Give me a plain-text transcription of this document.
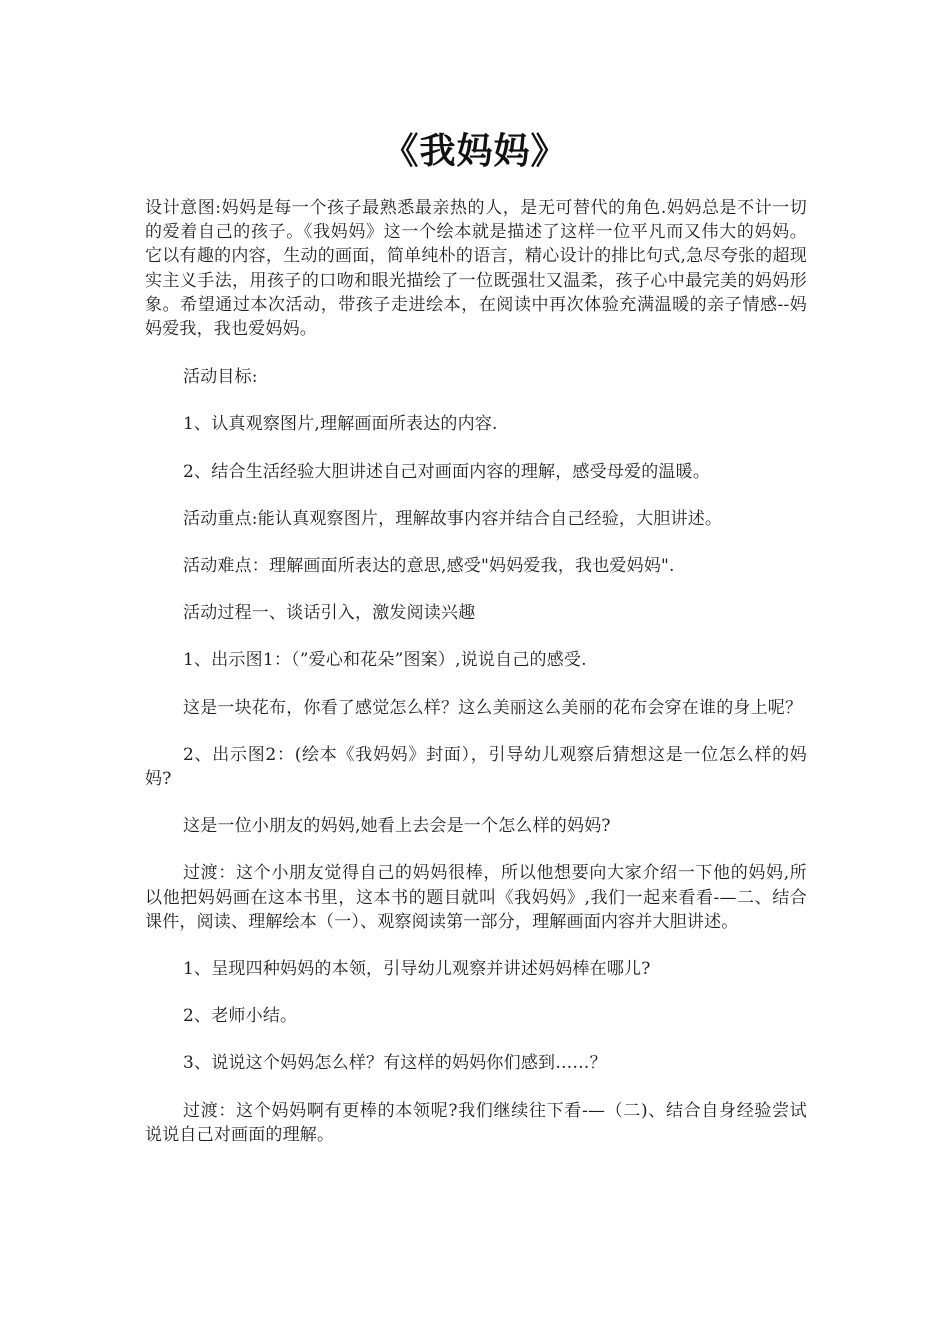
《我妈妈》

设计意图:妈妈是每一个孩子最熟悉最亲热的人，是无可替代的角色.妈妈总是不计一切的爱着自己的孩子。《我妈妈》这一个绘本就是描述了这样一位平凡而又伟大的妈妈。它以有趣的内容，生动的画面，简单纯朴的语言，精心设计的排比句式,急尽夸张的超现实主义手法，用孩子的口吻和眼光描绘了一位既强壮又温柔，孩子心中最完美的妈妈形象。希望通过本次活动，带孩子走进绘本，在阅读中再次体验充满温暖的亲子情感--妈妈爱我，我也爱妈妈。

活动目标:

1、认真观察图片,理解画面所表达的内容.

2、结合生活经验大胆讲述自己对画面内容的理解，感受母爱的温暖。

活动重点:能认真观察图片，理解故事内容并结合自己经验，大胆讲述。

活动难点：理解画面所表达的意思,感受"妈妈爱我，我也爱妈妈".

活动过程一、谈话引入，激发阅读兴趣

1、出示图1：（”爱心和花朵”图案）,说说自己的感受.

这是一块花布，你看了感觉怎么样？这么美丽这么美丽的花布会穿在谁的身上呢？

2、出示图2：(绘本《我妈妈》封面），引导幼儿观察后猜想这是一位怎么样的妈妈?

这是一位小朋友的妈妈,她看上去会是一个怎么样的妈妈?

过渡：这个小朋友觉得自己的妈妈很棒，所以他想要向大家介绍一下他的妈妈,所以他把妈妈画在这本书里，这本书的题目就叫《我妈妈》,我们一起来看看-—二、结合课件，阅读、理解绘本（一）、观察阅读第一部分，理解画面内容并大胆讲述。

1、呈现四种妈妈的本领，引导幼儿观察并讲述妈妈棒在哪儿?

2、老师小结。

3、说说这个妈妈怎么样？有这样的妈妈你们感到……？

过渡：这个妈妈啊有更棒的本领呢?我们继续往下看-—（二)、结合自身经验尝试说说自己对画面的理解。
